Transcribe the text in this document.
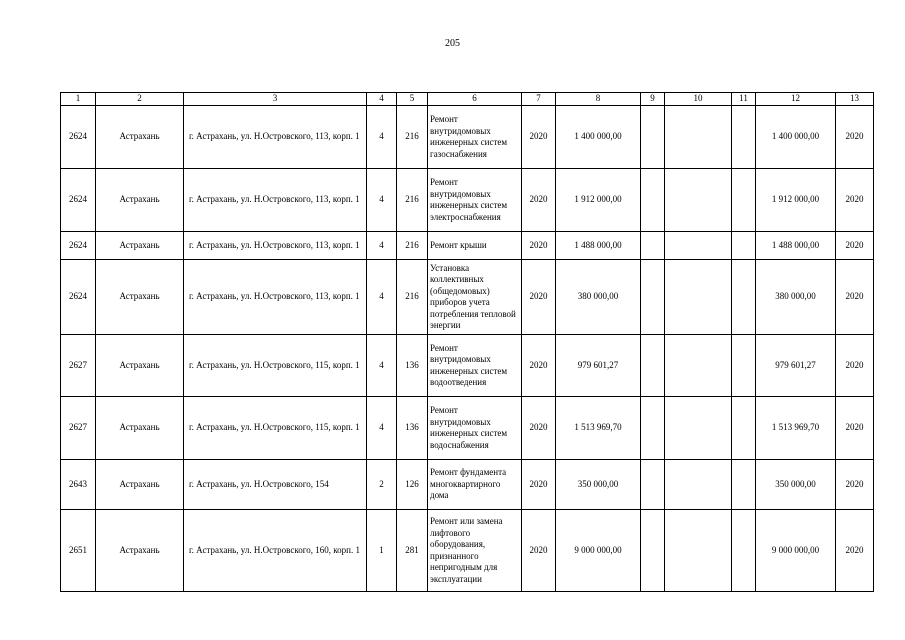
205
1	2	3	4	5	6	7	8	9	10	11	12	13
2624	Астрахань	г. Астрахань, ул. Н.Островского, 113, корп. 1	4	216	Ремонт внутридомовых инженерных систем газоснабжения	2020	1 400 000,00				1 400 000,00	2020
2624	Астрахань	г. Астрахань, ул. Н.Островского, 113, корп. 1	4	216	Ремонт внутридомовых инженерных систем электроснабжения	2020	1 912 000,00				1 912 000,00	2020
2624	Астрахань	г. Астрахань, ул. Н.Островского, 113, корп. 1	4	216	Ремонт крыши	2020	1 488 000,00				1 488 000,00	2020
2624	Астрахань	г. Астрахань, ул. Н.Островского, 113, корп. 1	4	216	Установка коллективных (общедомовых) приборов учета потребления тепловой энергии	2020	380 000,00				380 000,00	2020
2627	Астрахань	г. Астрахань, ул. Н.Островского, 115, корп. 1	4	136	Ремонт внутридомовых инженерных систем водоотведения	2020	979 601,27				979 601,27	2020
2627	Астрахань	г. Астрахань, ул. Н.Островского, 115, корп. 1	4	136	Ремонт внутридомовых инженерных систем водоснабжения	2020	1 513 969,70				1 513 969,70	2020
2643	Астрахань	г. Астрахань, ул. Н.Островского, 154	2	126	Ремонт фундамента многоквартирного дома	2020	350 000,00				350 000,00	2020
2651	Астрахань	г. Астрахань, ул. Н.Островского, 160, корп. 1	1	281	Ремонт или замена лифтового оборудования, признанного непригодным для эксплуатации	2020	9 000 000,00				9 000 000,00	2020
